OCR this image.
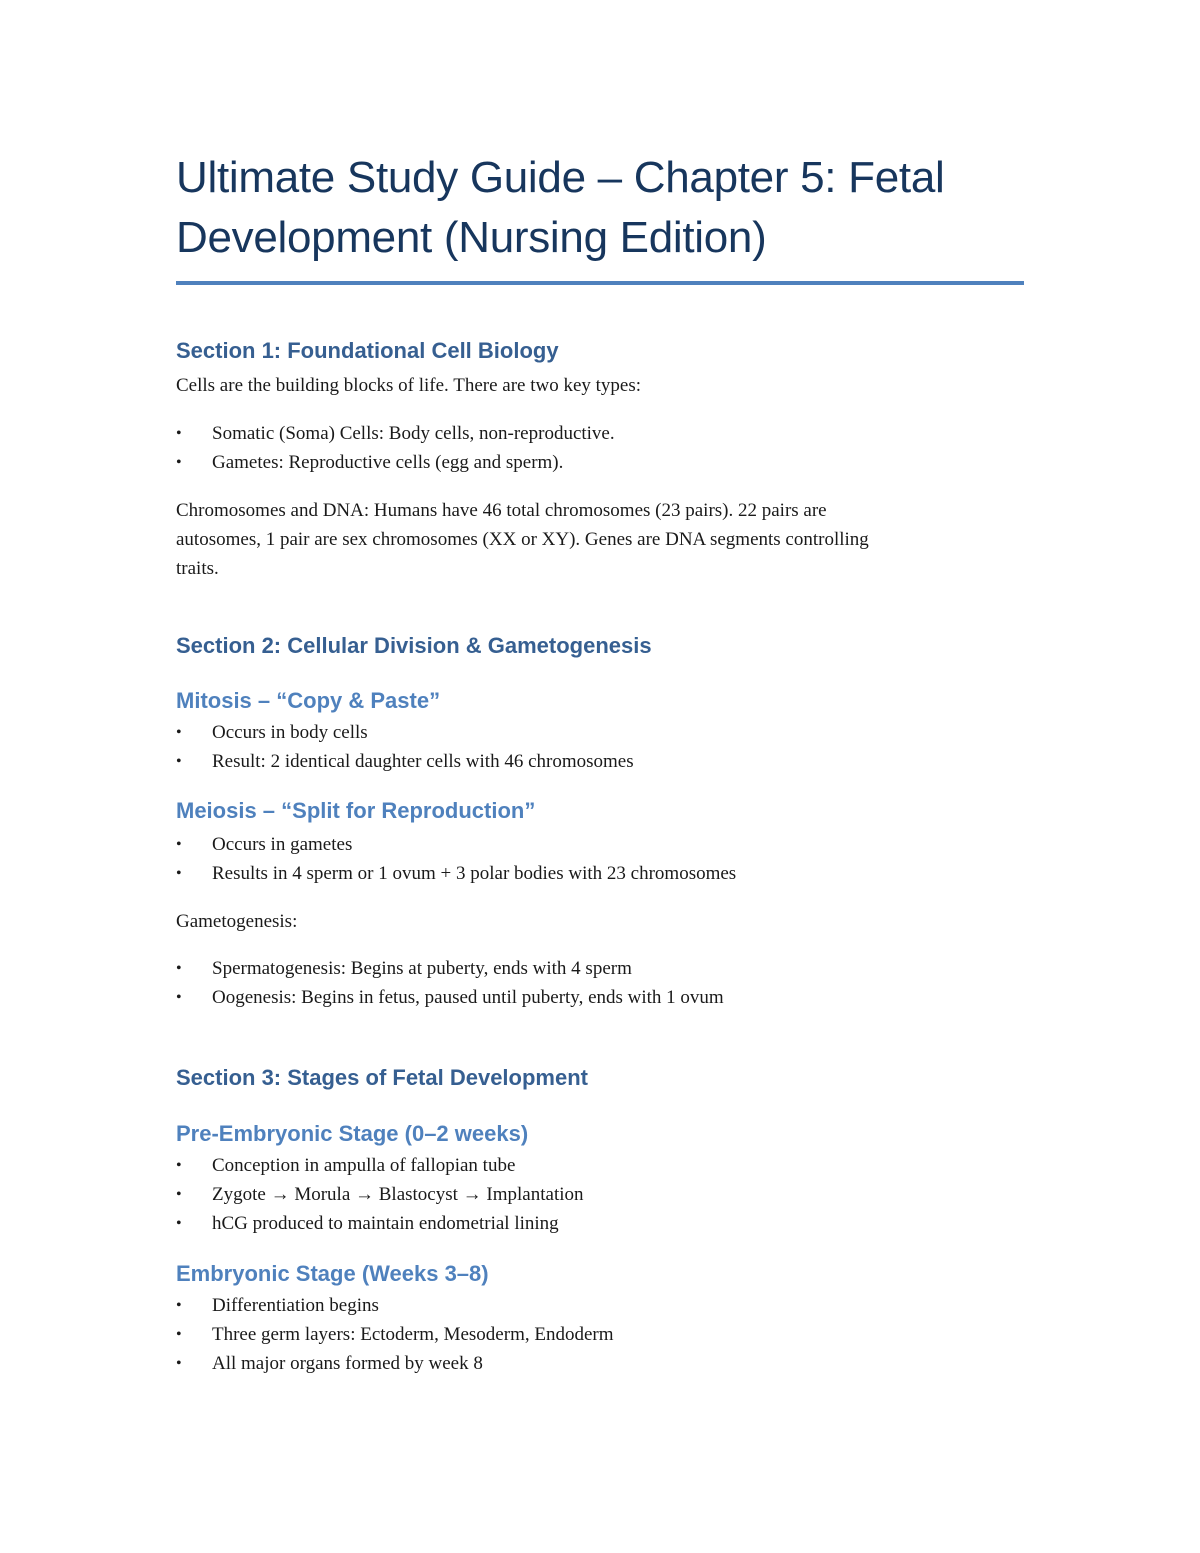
Ultimate Study Guide – Chapter 5: Fetal
Development (Nursing Edition)
Section 1: Foundational Cell Biology

Cells are the building blocks of life. There are two key types:

• Somatic (Soma) Cells: Body cells, non-reproductive.
• Gametes: Reproductive cells (egg and sperm).
Chromosomes and DNA: Humans have 46 total chromosomes (23 pairs). 22 pairs are
autosomes, 1 pair are sex chromosomes (XX or XY). Genes are DNA segments controlling
traits.
Section 2: Cellular Division & Gametogenesis
Mitosis – “Copy & Paste”
• Occurs in body cells
• Result: 2 identical daughter cells with 46 chromosomes
Meiosis – “Split for Reproduction”
• Occurs in gametes
• Results in 4 sperm or 1 ovum + 3 polar bodies with 23 chromosomes

Gametogenesis:

• Spermatogenesis: Begins at puberty, ends with 4 sperm
• Oogenesis: Begins in fetus, paused until puberty, ends with 1 ovum
Section 3: Stages of Fetal Development
Pre-Embryonic Stage (0–2 weeks)
• Conception in ampulla of fallopian tube
• Zygote → Morula → Blastocyst → Implantation
• hCG produced to maintain endometrial lining
Embryonic Stage (Weeks 3–8)
• Differentiation begins
• Three germ layers: Ectoderm, Mesoderm, Endoderm
• All major organs formed by week 8
